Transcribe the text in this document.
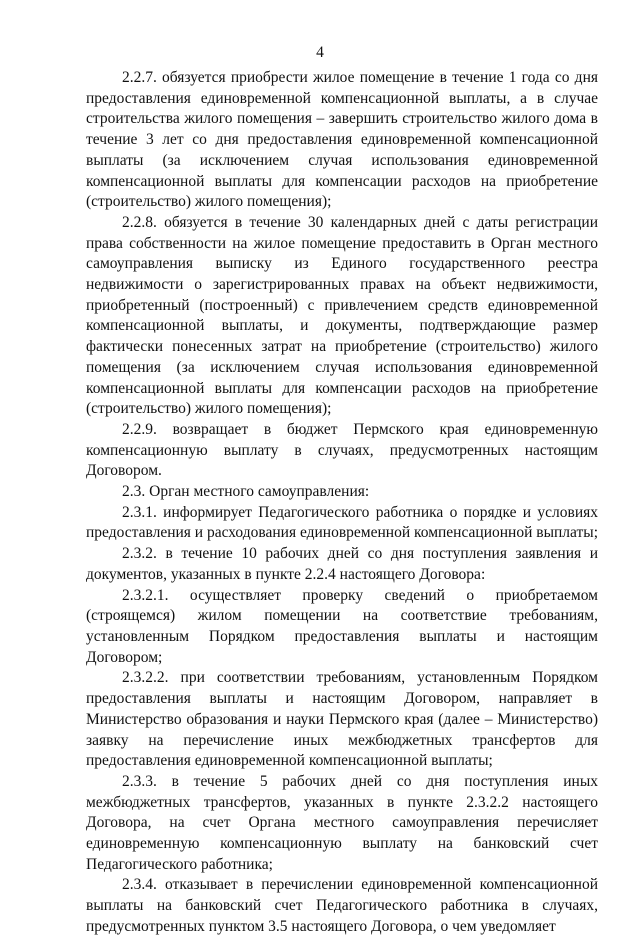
4

2.2.7. обязуется приобрести жилое помещение в течение 1 года со дня предоставления единовременной компенсационной выплаты, а в случае строительства жилого помещения – завершить строительство жилого дома в течение 3 лет со дня предоставления единовременной компенсационной выплаты (за исключением случая использования единовременной компенсационной выплаты для компенсации расходов на приобретение (строительство) жилого помещения);

2.2.8. обязуется в течение 30 календарных дней с даты регистрации права собственности на жилое помещение предоставить в Орган местного самоуправления выписку из Единого государственного реестра недвижимости о зарегистрированных правах на объект недвижимости, приобретенный (построенный) с привлечением средств единовременной компенсационной выплаты, и документы, подтверждающие размер фактически понесенных затрат на приобретение (строительство) жилого помещения (за исключением случая использования единовременной компенсационной выплаты для компенсации расходов на приобретение (строительство) жилого помещения);

2.2.9. возвращает в бюджет Пермского края единовременную компенсационную выплату в случаях, предусмотренных настоящим Договором.

2.3. Орган местного самоуправления:

2.3.1. информирует Педагогического работника о порядке и условиях предоставления и расходования единовременной компенсационной выплаты;

2.3.2. в течение 10 рабочих дней со дня поступления заявления и документов, указанных в пункте 2.2.4 настоящего Договора:

2.3.2.1. осуществляет проверку сведений о приобретаемом (строящемся) жилом помещении на соответствие требованиям, установленным Порядком предоставления выплаты и настоящим Договором;

2.3.2.2. при соответствии требованиям, установленным Порядком предоставления выплаты и настоящим Договором, направляет в Министерство образования и науки Пермского края (далее – Министерство) заявку на перечисление иных межбюджетных трансфертов для предоставления единовременной компенсационной выплаты;

2.3.3. в течение 5 рабочих дней со дня поступления иных межбюджетных трансфертов, указанных в пункте 2.3.2.2 настоящего Договора, на счет Органа местного самоуправления перечисляет единовременную компенсационную выплату на банковский счет Педагогического работника;

2.3.4. отказывает в перечислении единовременной компенсационной выплаты на банковский счет Педагогического работника в случаях, предусмотренных пунктом 3.5 настоящего Договора, о чем уведомляет
